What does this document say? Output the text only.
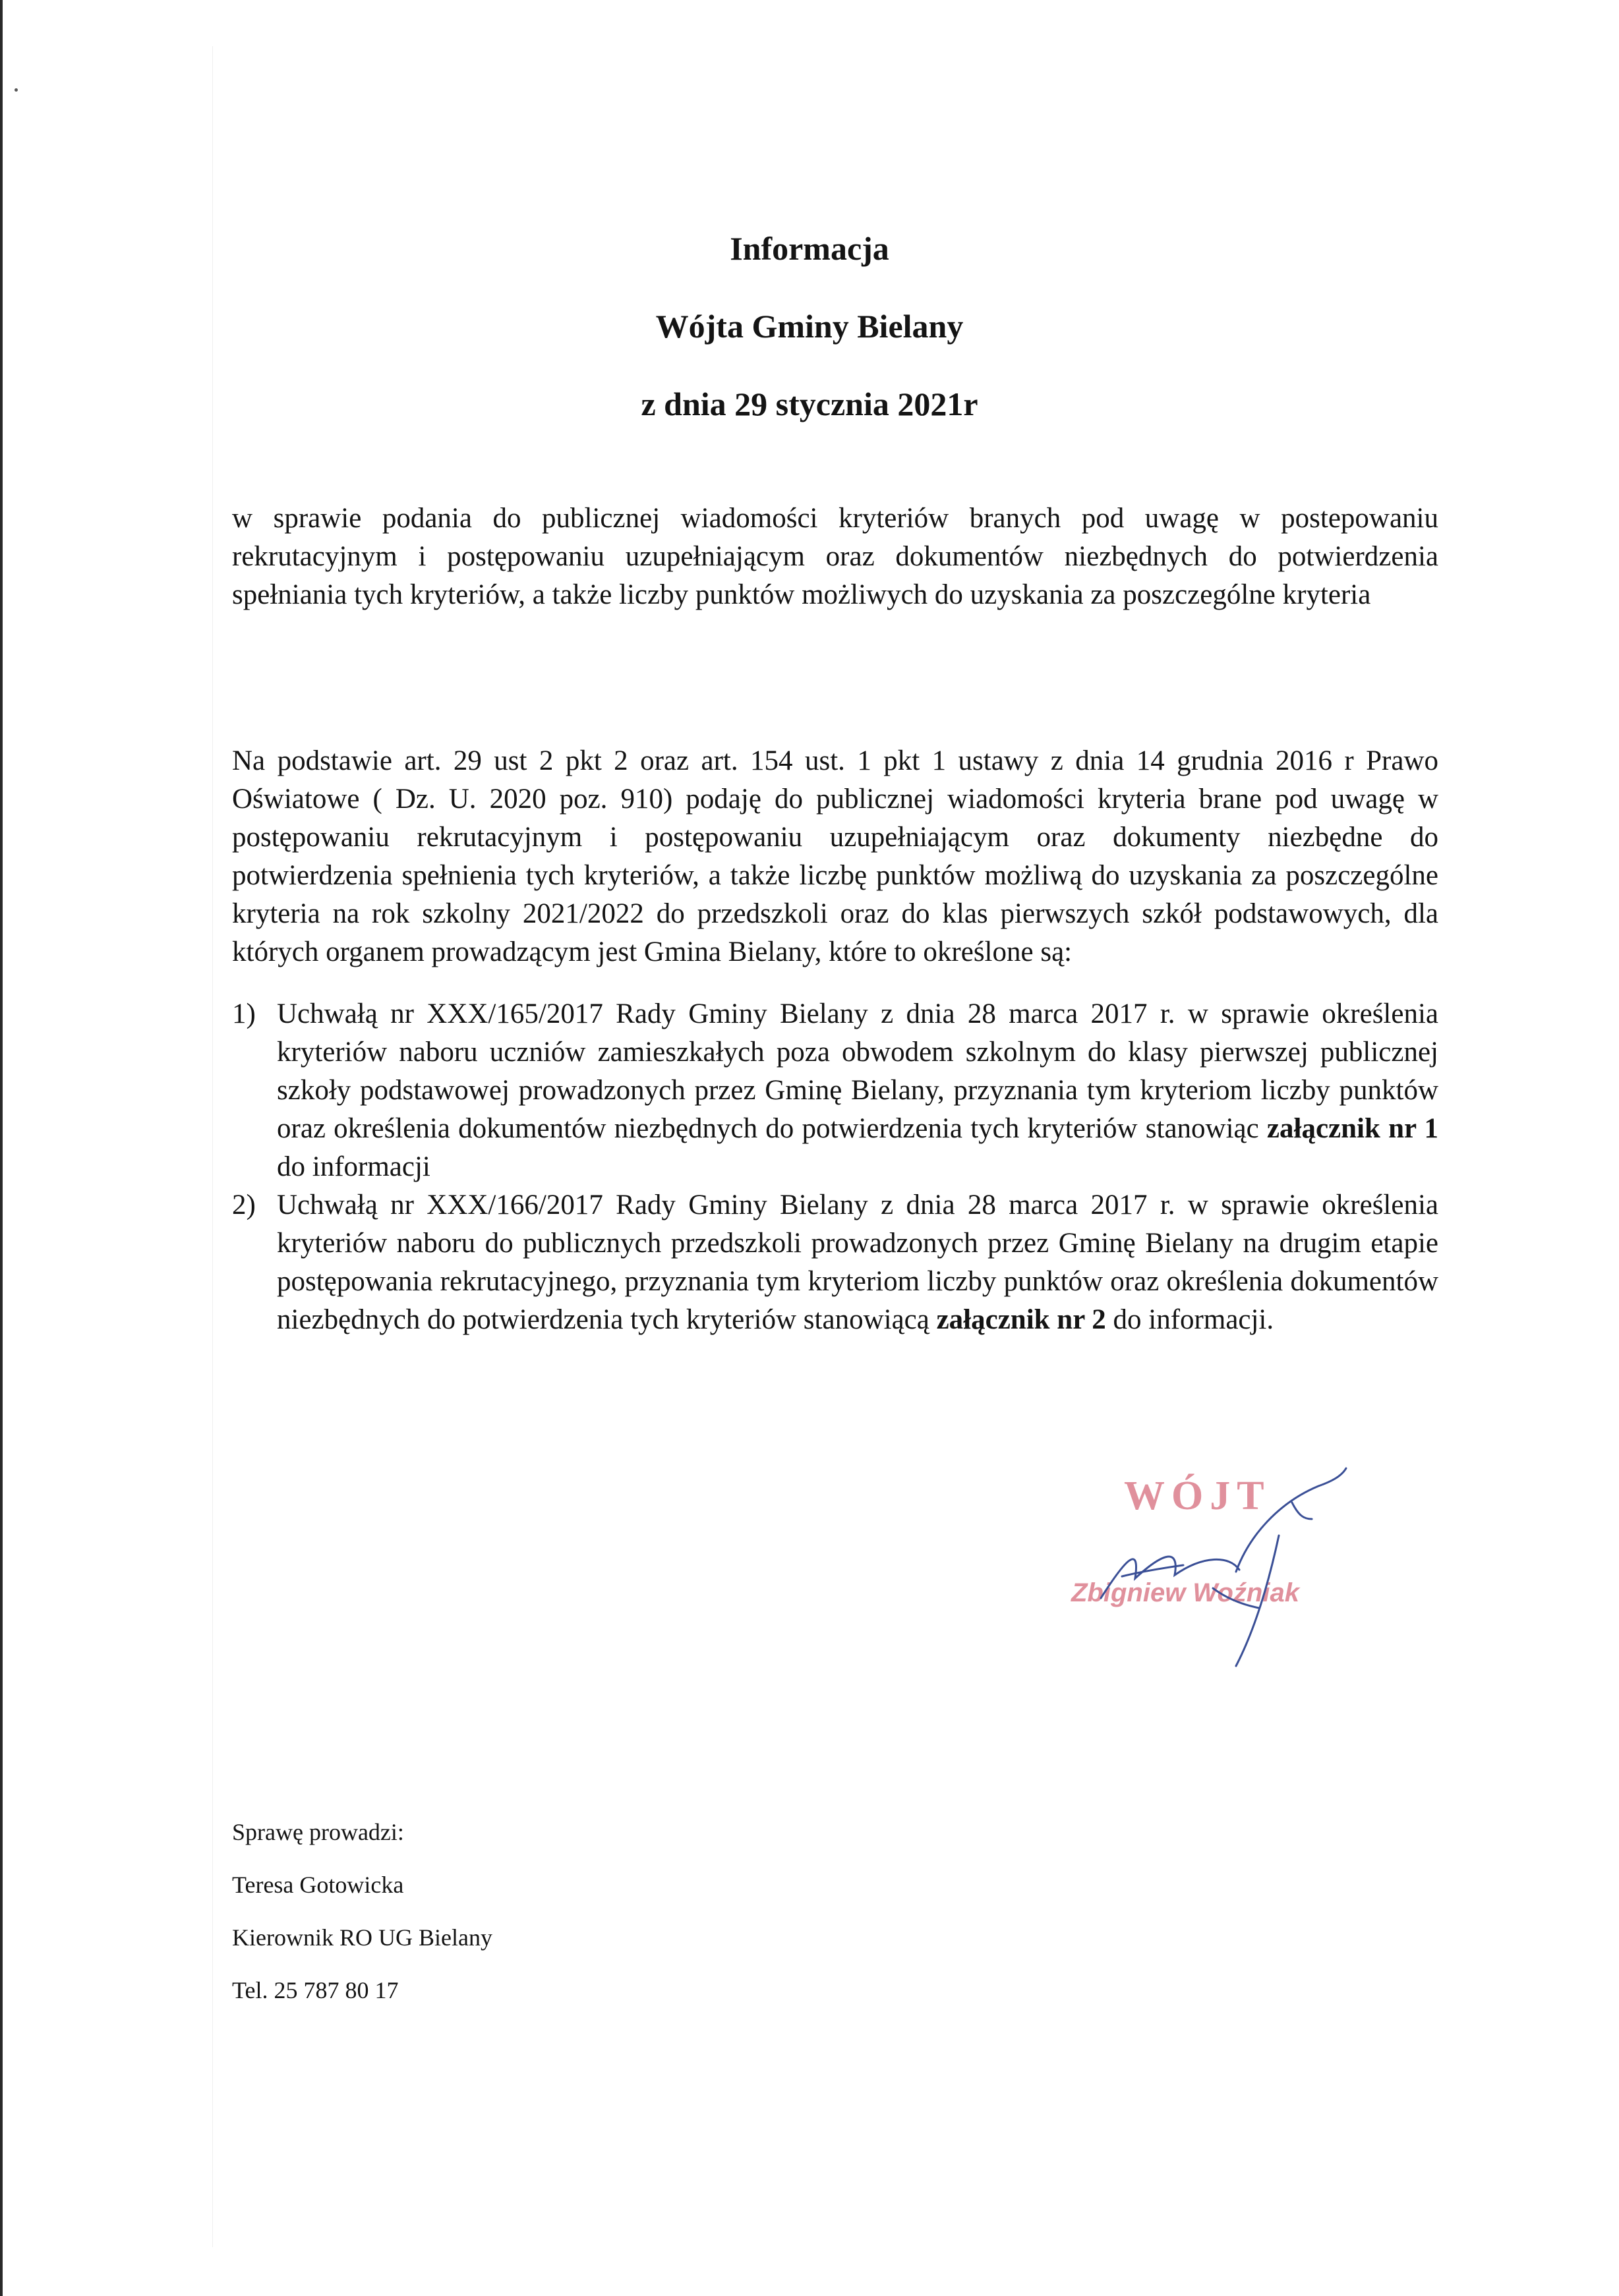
Informacja
Wójta Gminy Bielany
z dnia 29 stycznia 2021r

w sprawie podania do publicznej wiadomości kryteriów branych pod uwagę w postepowaniu rekrutacyjnym i postępowaniu uzupełniającym oraz dokumentów niezbędnych do potwierdzenia spełniania tych kryteriów, a także liczby punktów możliwych do uzyskania za poszczególne kryteria

Na podstawie art. 29 ust 2 pkt 2 oraz art. 154 ust. 1 pkt 1 ustawy z dnia 14 grudnia 2016 r Prawo Oświatowe ( Dz. U. 2020 poz. 910) podaję do publicznej wiadomości kryteria brane pod uwagę w postępowaniu rekrutacyjnym i postępowaniu uzupełniającym oraz dokumenty niezbędne do potwierdzenia spełnienia tych kryteriów, a także liczbę punktów możliwą do uzyskania za poszczególne kryteria na rok szkolny 2021/2022 do przedszkoli oraz do klas pierwszych szkół podstawowych, dla których organem prowadzącym jest Gmina Bielany, które to określone są:

1) Uchwałą nr XXX/165/2017 Rady Gminy Bielany z dnia 28 marca 2017 r. w sprawie określenia kryteriów naboru uczniów zamieszkałych poza obwodem szkolnym do klasy pierwszej publicznej szkoły podstawowej prowadzonych przez Gminę Bielany, przyznania tym kryteriom liczby punktów oraz określenia dokumentów niezbędnych do potwierdzenia tych kryteriów stanowiąc załącznik nr 1 do informacji
2) Uchwałą nr XXX/166/2017 Rady Gminy Bielany z dnia 28 marca 2017 r. w sprawie określenia kryteriów naboru do publicznych przedszkoli prowadzonych przez Gminę Bielany na drugim etapie postępowania rekrutacyjnego, przyznania tym kryteriom liczby punktów oraz określenia dokumentów niezbędnych do potwierdzenia tych kryteriów stanowiącą załącznik nr 2 do informacji.
WÓJT
Zbigniew Woźniak
Sprawę prowadzi:
Teresa Gotowicka
Kierownik RO UG Bielany
Tel. 25 787 80 17
